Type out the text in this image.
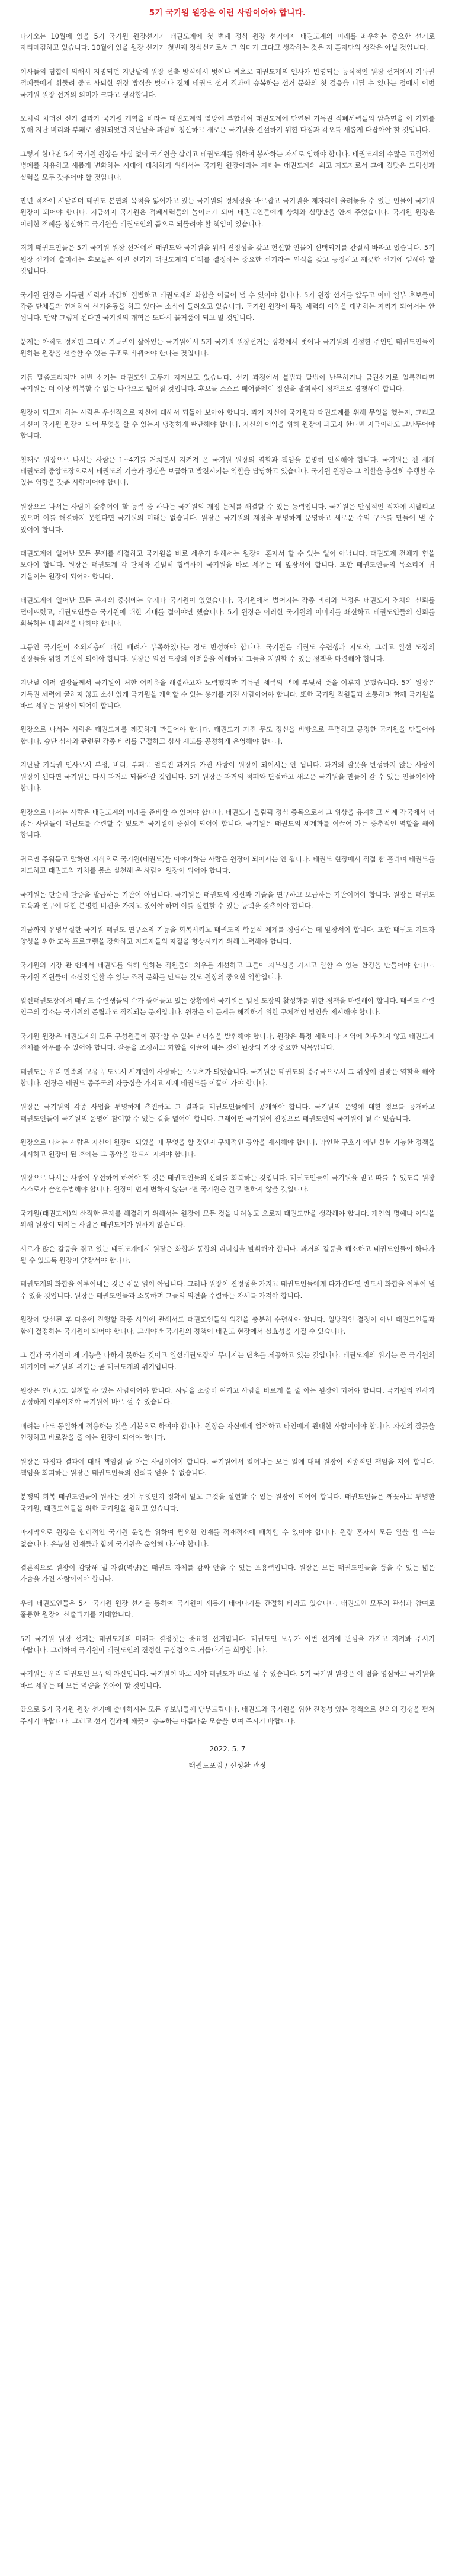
5기 국기원 원장은 이런 사람이어야 합니다.

다가오는 10월에 있을 5기 국기원 원장선거가 태권도계에 첫 번째 정식 원장 선거이자 태권도계의 미래를 좌우하는 중요한 선거로 자리매김하고 있습니다. 10월에 있을 원장 선거가 첫번째 정식선거로서 그 의미가 크다고 생각하는 것은 저 혼자만의 생각은 아닐 것입니다.

이사들의 담합에 의해서 지명되던 지난날의 원장 선출 방식에서 벗어나 최초로 태권도계의 인사가 반영되는 공식적인 원장 선거에서 기득권 적폐들에게 휘둘려 중도 사퇴한 원장 방식을 벗어나 전체 태권도 선거 결과에 승복하는 선거 문화의 첫 걸음을 디딜 수 있다는 점에서 이번 국기원 원장 선거의 의미가 크다고 생각합니다.

모처럼 치러진 선거 결과가 국기원 개혁을 바라는 태권도계의 열망에 부합하여 태권도계에 만연된 기득권 적폐세력들의 암흑면을 이 기회를 통해 지난 비리와 부패로 점철되었던 지난날을 과감히 청산하고 새로운 국기원을 건설하기 위한 다짐과 각오를 새롭게 다잡아야 할 것입니다.

그렇게 한다면 5기 국기원 원장은 사심 없이 국기원을 살리고 태권도계를 위하여 봉사하는 자세로 임해야 합니다. 태권도계의 수많은 고질적인 병폐를 치유하고 새롭게 변화하는 시대에 대처하기 위해서는 국기원 원장이라는 자리는 태권도계의 최고 지도자로서 그에 걸맞은 도덕성과 실력을 모두 갖추어야 할 것입니다.

만년 적자에 시달리며 태권도 본연의 목적을 잃어가고 있는 국기원의 정체성을 바로잡고 국기원을 제자리에 올려놓을 수 있는 인물이 국기원 원장이 되어야 합니다. 지금까지 국기원은 적폐세력들의 놀이터가 되어 태권도인들에게 상처와 실망만을 안겨 주었습니다. 국기원 원장은 이러한 적폐를 청산하고 국기원을 태권도인의 품으로 되돌려야 할 책임이 있습니다.

저희 태권도인들은 5기 국기원 원장 선거에서 태권도와 국기원을 위해 진정성을 갖고 헌신할 인물이 선택되기를 간절히 바라고 있습니다. 5기 원장 선거에 출마하는 후보들은 이번 선거가 태권도계의 미래를 결정하는 중요한 선거라는 인식을 갖고 공정하고 깨끗한 선거에 임해야 할 것입니다.

국기원 원장은 기득권 세력과 과감히 결별하고 태권도계의 화합을 이끌어 낼 수 있어야 합니다. 5기 원장 선거를 앞두고 이미 일부 후보들이 각종 단체들과 연계하여 선거운동을 하고 있다는 소식이 들려오고 있습니다. 국기원 원장이 특정 세력의 이익을 대변하는 자리가 되어서는 안 됩니다. 만약 그렇게 된다면 국기원의 개혁은 또다시 물거품이 되고 말 것입니다.

문제는 아직도 정치판 그대로 기득권이 살아있는 국기원에서 5기 국기원 원장선거는 상황에서 벗어나 국기원의 진정한 주인인 태권도인들이 원하는 원장을 선출할 수 있는 구조로 바뀌어야 한다는 것입니다.

거듭 말씀드리지만 이번 선거는 태권도인 모두가 지켜보고 있습니다. 선거 과정에서 불법과 탈법이 난무하거나 금권선거로 얼룩진다면 국기원은 더 이상 회복할 수 없는 나락으로 떨어질 것입니다. 후보들 스스로 페어플레이 정신을 발휘하여 정책으로 경쟁해야 합니다.

원장이 되고자 하는 사람은 우선적으로 자신에 대해서 되돌아 보아야 합니다. 과거 자신이 국기원과 태권도계를 위해 무엇을 했는지, 그리고 자신이 국기원 원장이 되어 무엇을 할 수 있는지 냉정하게 판단해야 합니다. 자신의 이익을 위해 원장이 되고자 한다면 지금이라도 그만두어야 합니다.

첫째로 원장으로 나서는 사람은 1~4기를 거치면서 지켜져 온 국기원 원장의 역할과 책임을 분명히 인식해야 합니다. 국기원은 전 세계 태권도의 중앙도장으로서 태권도의 기술과 정신을 보급하고 발전시키는 역할을 담당하고 있습니다. 국기원 원장은 그 역할을 충실히 수행할 수 있는 역량을 갖춘 사람이어야 합니다.

원장으로 나서는 사람이 갖추어야 할 능력 중 하나는 국기원의 재정 문제를 해결할 수 있는 능력입니다. 국기원은 만성적인 적자에 시달리고 있으며 이를 해결하지 못한다면 국기원의 미래는 없습니다. 원장은 국기원의 재정을 투명하게 운영하고 새로운 수익 구조를 만들어 낼 수 있어야 합니다.

태권도계에 일어난 모든 문제를 해결하고 국기원을 바로 세우기 위해서는 원장이 혼자서 할 수 있는 일이 아닙니다. 태권도계 전체가 힘을 모아야 합니다. 원장은 태권도계 각 단체와 긴밀히 협력하여 국기원을 바로 세우는 데 앞장서야 합니다. 또한 태권도인들의 목소리에 귀 기울이는 원장이 되어야 합니다.

태권도계에 일어난 모든 문제의 중심에는 언제나 국기원이 있었습니다. 국기원에서 벌어지는 각종 비리와 부정은 태권도계 전체의 신뢰를 떨어뜨렸고, 태권도인들은 국기원에 대한 기대를 접어야만 했습니다. 5기 원장은 이러한 국기원의 이미지를 쇄신하고 태권도인들의 신뢰를 회복하는 데 최선을 다해야 합니다.

그동안 국기원이 소외계층에 대한 배려가 부족하였다는 점도 반성해야 합니다. 국기원은 태권도 수련생과 지도자, 그리고 일선 도장의 관장들을 위한 기관이 되어야 합니다. 원장은 일선 도장의 어려움을 이해하고 그들을 지원할 수 있는 정책을 마련해야 합니다.

지난날 여러 원장들께서 국기원이 처한 어려움을 해결하고자 노력했지만 기득권 세력의 벽에 부딪혀 뜻을 이루지 못했습니다. 5기 원장은 기득권 세력에 굴하지 않고 소신 있게 국기원을 개혁할 수 있는 용기를 가진 사람이어야 합니다. 또한 국기원 직원들과 소통하며 함께 국기원을 바로 세우는 원장이 되어야 합니다.

원장으로 나서는 사람은 태권도계를 깨끗하게 만들어야 합니다. 태권도가 가진 무도 정신을 바탕으로 투명하고 공정한 국기원을 만들어야 합니다. 승단 심사와 관련된 각종 비리를 근절하고 심사 제도를 공정하게 운영해야 합니다.

지난날 기득권 인사로서 부정, 비리, 부패로 얼룩진 과거를 가진 사람이 원장이 되어서는 안 됩니다. 과거의 잘못을 반성하지 않는 사람이 원장이 된다면 국기원은 다시 과거로 되돌아갈 것입니다. 5기 원장은 과거의 적폐와 단절하고 새로운 국기원을 만들어 갈 수 있는 인물이어야 합니다.

원장으로 나서는 사람은 태권도계의 미래를 준비할 수 있어야 합니다. 태권도가 올림픽 정식 종목으로서 그 위상을 유지하고 세계 각국에서 더 많은 사람들이 태권도를 수련할 수 있도록 국기원이 중심이 되어야 합니다. 국기원은 태권도의 세계화를 이끌어 가는 중추적인 역할을 해야 합니다.

귀로만 주워듣고 말하면 지식으로 국기원(태권도)을 이야기하는 사람은 원장이 되어서는 안 됩니다. 태권도 현장에서 직접 땀 흘리며 태권도를 지도하고 태권도의 가치를 몸소 실천해 온 사람이 원장이 되어야 합니다.

국기원은 단순히 단증을 발급하는 기관이 아닙니다. 국기원은 태권도의 정신과 기술을 연구하고 보급하는 기관이어야 합니다. 원장은 태권도 교육과 연구에 대한 분명한 비전을 가지고 있어야 하며 이를 실현할 수 있는 능력을 갖추어야 합니다.

지금까지 유명무실한 국기원 태권도 연구소의 기능을 회복시키고 태권도의 학문적 체계를 정립하는 데 앞장서야 합니다. 또한 태권도 지도자 양성을 위한 교육 프로그램을 강화하고 지도자들의 자질을 향상시키기 위해 노력해야 합니다.

국기원의 기강 관 벤에서 태권도를 위해 일하는 직원들의 처우를 개선하고 그들이 자부심을 가지고 일할 수 있는 환경을 만들어야 합니다. 국기원 직원들이 소신껏 일할 수 있는 조직 문화를 만드는 것도 원장의 중요한 역할입니다.

일선태권도장에서 태권도 수련생들의 수가 줄어들고 있는 상황에서 국기원은 일선 도장의 활성화를 위한 정책을 마련해야 합니다. 태권도 수련 인구의 감소는 국기원의 존립과도 직결되는 문제입니다. 원장은 이 문제를 해결하기 위한 구체적인 방안을 제시해야 합니다.

국기원 원장은 태권도계의 모든 구성원들이 공감할 수 있는 리더십을 발휘해야 합니다. 원장은 특정 세력이나 지역에 치우치지 않고 태권도계 전체를 아우를 수 있어야 합니다. 갈등을 조정하고 화합을 이끌어 내는 것이 원장의 가장 중요한 덕목입니다.

태권도는 우리 민족의 고유 무도로서 세계인이 사랑하는 스포츠가 되었습니다. 국기원은 태권도의 종주국으로서 그 위상에 걸맞은 역할을 해야 합니다. 원장은 태권도 종주국의 자긍심을 가지고 세계 태권도를 이끌어 가야 합니다.

원장은 국기원의 각종 사업을 투명하게 추진하고 그 결과를 태권도인들에게 공개해야 합니다. 국기원의 운영에 대한 정보를 공개하고 태권도인들이 국기원의 운영에 참여할 수 있는 길을 열어야 합니다. 그래야만 국기원이 진정으로 태권도인의 국기원이 될 수 있습니다.

원장으로 나서는 사람은 자신이 원장이 되었을 때 무엇을 할 것인지 구체적인 공약을 제시해야 합니다. 막연한 구호가 아닌 실현 가능한 정책을 제시하고 원장이 된 후에는 그 공약을 반드시 지켜야 합니다.

원장으로 나서는 사람이 우선하여 하여야 할 것은 태권도인들의 신뢰를 회복하는 것입니다. 태권도인들이 국기원을 믿고 따를 수 있도록 원장 스스로가 솔선수범해야 합니다. 원장이 먼저 변하지 않는다면 국기원은 결코 변하지 않을 것입니다.

국기원(태권도계)의 산적한 문제를 해결하기 위해서는 원장이 모든 것을 내려놓고 오로지 태권도만을 생각해야 합니다. 개인의 명예나 이익을 위해 원장이 되려는 사람은 태권도계가 원하지 않습니다.

서로가 많은 갈등을 겪고 있는 태권도계에서 원장은 화합과 통합의 리더십을 발휘해야 합니다. 과거의 갈등을 해소하고 태권도인들이 하나가 될 수 있도록 원장이 앞장서야 합니다.

태권도계의 화합을 이루어내는 것은 쉬운 일이 아닙니다. 그러나 원장이 진정성을 가지고 태권도인들에게 다가간다면 반드시 화합을 이루어 낼 수 있을 것입니다. 원장은 태권도인들과 소통하며 그들의 의견을 수렴하는 자세를 가져야 합니다.

원장에 당선된 후 다음에 진행할 각종 사업에 관해서도 태권도인들의 의견을 충분히 수렴해야 합니다. 일방적인 결정이 아닌 태권도인들과 함께 결정하는 국기원이 되어야 합니다. 그래야만 국기원의 정책이 태권도 현장에서 실효성을 가질 수 있습니다.

그 결과 국기원이 제 기능을 다하지 못하는 것이고 일선태권도장이 무너지는 단초를 제공하고 있는 것입니다. 태권도계의 위기는 곧 국기원의 위기이며 국기원의 위기는 곧 태권도계의 위기입니다.

원장은 인(人)도 실천할 수 있는 사람이어야 합니다. 사람을 소중히 여기고 사람을 바르게 쓸 줄 아는 원장이 되어야 합니다. 국기원의 인사가 공정하게 이루어져야 국기원이 바로 설 수 있습니다.

배려는 나도 동일하게 적용하는 것을 기본으로 하여야 합니다. 원장은 자신에게 엄격하고 타인에게 관대한 사람이어야 합니다. 자신의 잘못을 인정하고 바로잡을 줄 아는 원장이 되어야 합니다.

원장은 과정과 결과에 대해 책임질 줄 아는 사람이어야 합니다. 국기원에서 일어나는 모든 일에 대해 원장이 최종적인 책임을 져야 합니다. 책임을 회피하는 원장은 태권도인들의 신뢰를 얻을 수 없습니다.

분쟁의 회복 태권도인들이 원하는 것이 무엇인지 정확히 알고 그것을 실현할 수 있는 원장이 되어야 합니다. 태권도인들은 깨끗하고 투명한 국기원, 태권도인들을 위한 국기원을 원하고 있습니다.

마지막으로 원장은 합리적인 국기원 운영을 위하여 필요한 인재를 적재적소에 배치할 수 있어야 합니다. 원장 혼자서 모든 일을 할 수는 없습니다. 유능한 인재들과 함께 국기원을 운영해 나가야 합니다.

결론적으로 원장이 감당해 낼 자질(역량)은 태권도 자체를 감싸 안을 수 있는 포용력입니다. 원장은 모든 태권도인들을 품을 수 있는 넓은 가슴을 가진 사람이어야 합니다.

우리 태권도인들은 5기 국기원 원장 선거를 통하여 국기원이 새롭게 태어나기를 간절히 바라고 있습니다. 태권도인 모두의 관심과 참여로 훌륭한 원장이 선출되기를 기대합니다.

5기 국기원 원장 선거는 태권도계의 미래를 결정짓는 중요한 선거입니다. 태권도인 모두가 이번 선거에 관심을 가지고 지켜봐 주시기 바랍니다. 그리하여 국기원이 태권도인의 진정한 구심점으로 거듭나기를 희망합니다.

국기원은 우리 태권도인 모두의 자산입니다. 국기원이 바로 서야 태권도가 바로 설 수 있습니다. 5기 국기원 원장은 이 점을 명심하고 국기원을 바로 세우는 데 모든 역량을 쏟아야 할 것입니다.

끝으로 5기 국기원 원장 선거에 출마하시는 모든 후보님들께 당부드립니다. 태권도와 국기원을 위한 진정성 있는 정책으로 선의의 경쟁을 펼쳐 주시기 바랍니다. 그리고 선거 결과에 깨끗이 승복하는 아름다운 모습을 보여 주시기 바랍니다.

2022. 5. 7
태권도포럼 / 신성환 관장
